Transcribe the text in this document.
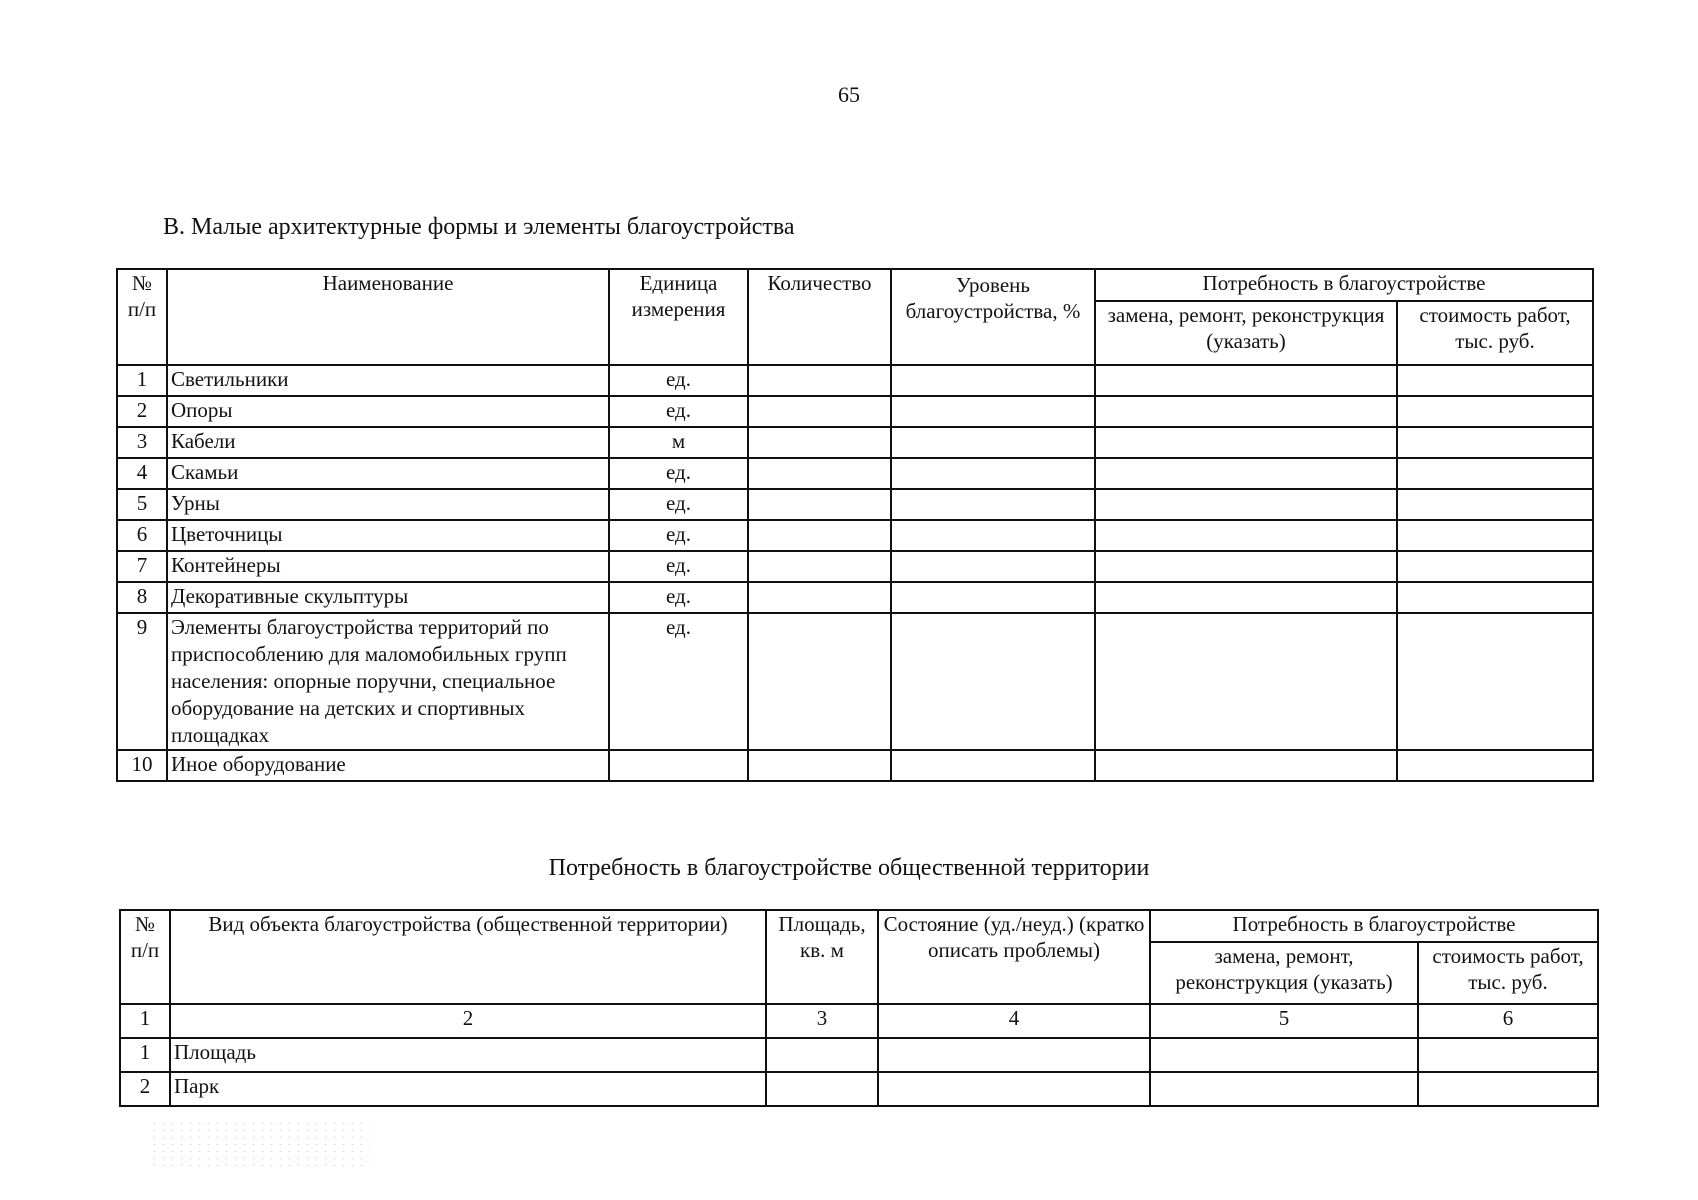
65
В. Малые архитектурные формы и элементы благоустройства
№ п/п	Наименование	Единица измерения	Количество	Уровень благоустройства, %	Потребность в благоустройстве	
					замена, ремонт, реконструкция (указать)	стоимость работ, тыс. руб.
1	Светильники	ед.				
2	Опоры	ед.				
3	Кабели	м				
4	Скамьи	ед.				
5	Урны	ед.				
6	Цветочницы	ед.				
7	Контейнеры	ед.				
8	Декоративные скульптуры	ед.				
9	Элементы благоустройства территорий по приспособлению для маломобильных групп населения: опорные поручни, специальное оборудование на детских и спортивных площадках	ед.				
10	Иное оборудование					
Потребность в благоустройстве общественной территории
№ п/п	Вид объекта благоустройства (общественной территории)	Площадь, кв. м	Состояние (уд./неуд.) (кратко описать проблемы)	Потребность в благоустройстве	
				замена, ремонт, реконструкция (указать)	стоимость работ, тыс. руб.
1	2	3	4	5	6
1	Площадь				
2	Парк				
